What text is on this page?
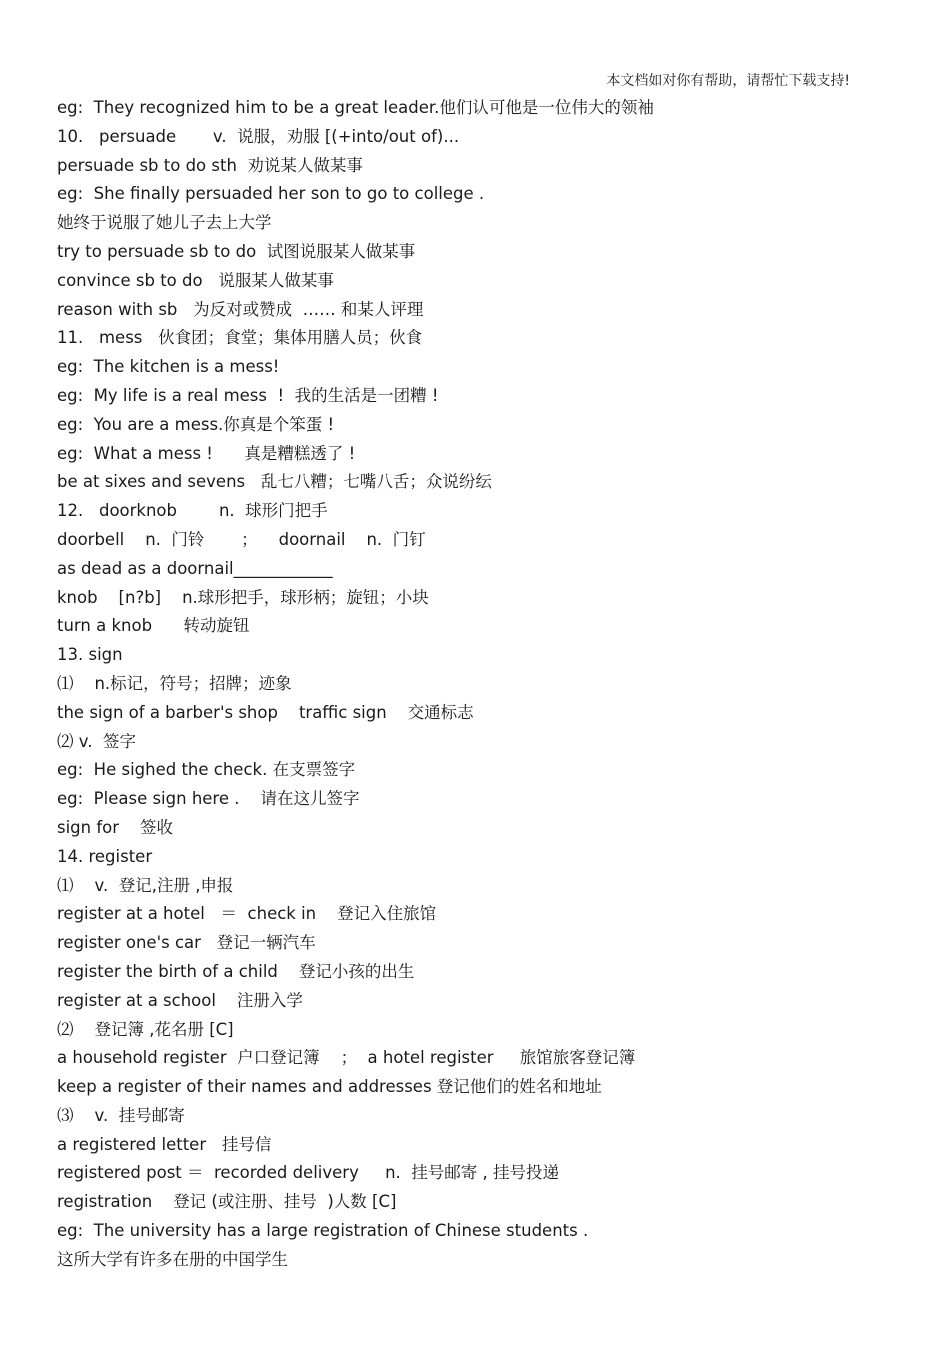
本文档如对你有帮助，请帮忙下载支持!
eg:  They recognized him to be a great leader.他们认可他是一位伟大的领袖
10.   persuade       v.  说服，劝服 [(+into/out of)...
persuade sb to do sth  劝说某人做某事
eg:  She finally persuaded her son to go to college .
她终于说服了她儿子去上大学
try to persuade sb to do  试图说服某人做某事
convince sb to do   说服某人做某事
reason with sb   为反对或赞成  …… 和某人评理
11.   mess   伙食团；食堂；集体用膳人员；伙食
eg:  The kitchen is a mess!
eg:  My life is a real mess  !  我的生活是一团糟 !
eg:  You are a mess.你真是个笨蛋 !
eg:  What a mess !      真是糟糕透了 !
be at sixes and sevens   乱七八糟；七嘴八舌；众说纷纭
12.   doorknob        n.  球形门把手
doorbell    n.  门铃       ；    doornail    n.  门钉
as dead as a doornail____________
knob    [n?b]    n.球形把手，球形柄；旋钮；小块
turn a knob      转动旋钮
13. sign
⑴    n.标记，符号；招牌；迹象
the sign of a barber's shop    traffic sign    交通标志
⑵ v.  签字
eg:  He sighed the check. 在支票签字
eg:  Please sign here .    请在这儿签字
sign for    签收
14. register
⑴    v.  登记,注册 ,申报
register at a hotel   ＝  check in    登记入住旅馆
register one's car   登记一辆汽车
register the birth of a child    登记小孩的出生
register at a school    注册入学
⑵    登记簿 ,花名册 [C]
a household register  户口登记簿    ；  a hotel register     旅馆旅客登记簿
keep a register of their names and addresses 登记他们的姓名和地址
⑶    v.  挂号邮寄
a registered letter   挂号信
registered post ＝  recorded delivery     n.  挂号邮寄 , 挂号投递
registration    登记 (或注册、挂号  )人数 [C]
eg:  The university has a large registration of Chinese students .
这所大学有许多在册的中国学生
